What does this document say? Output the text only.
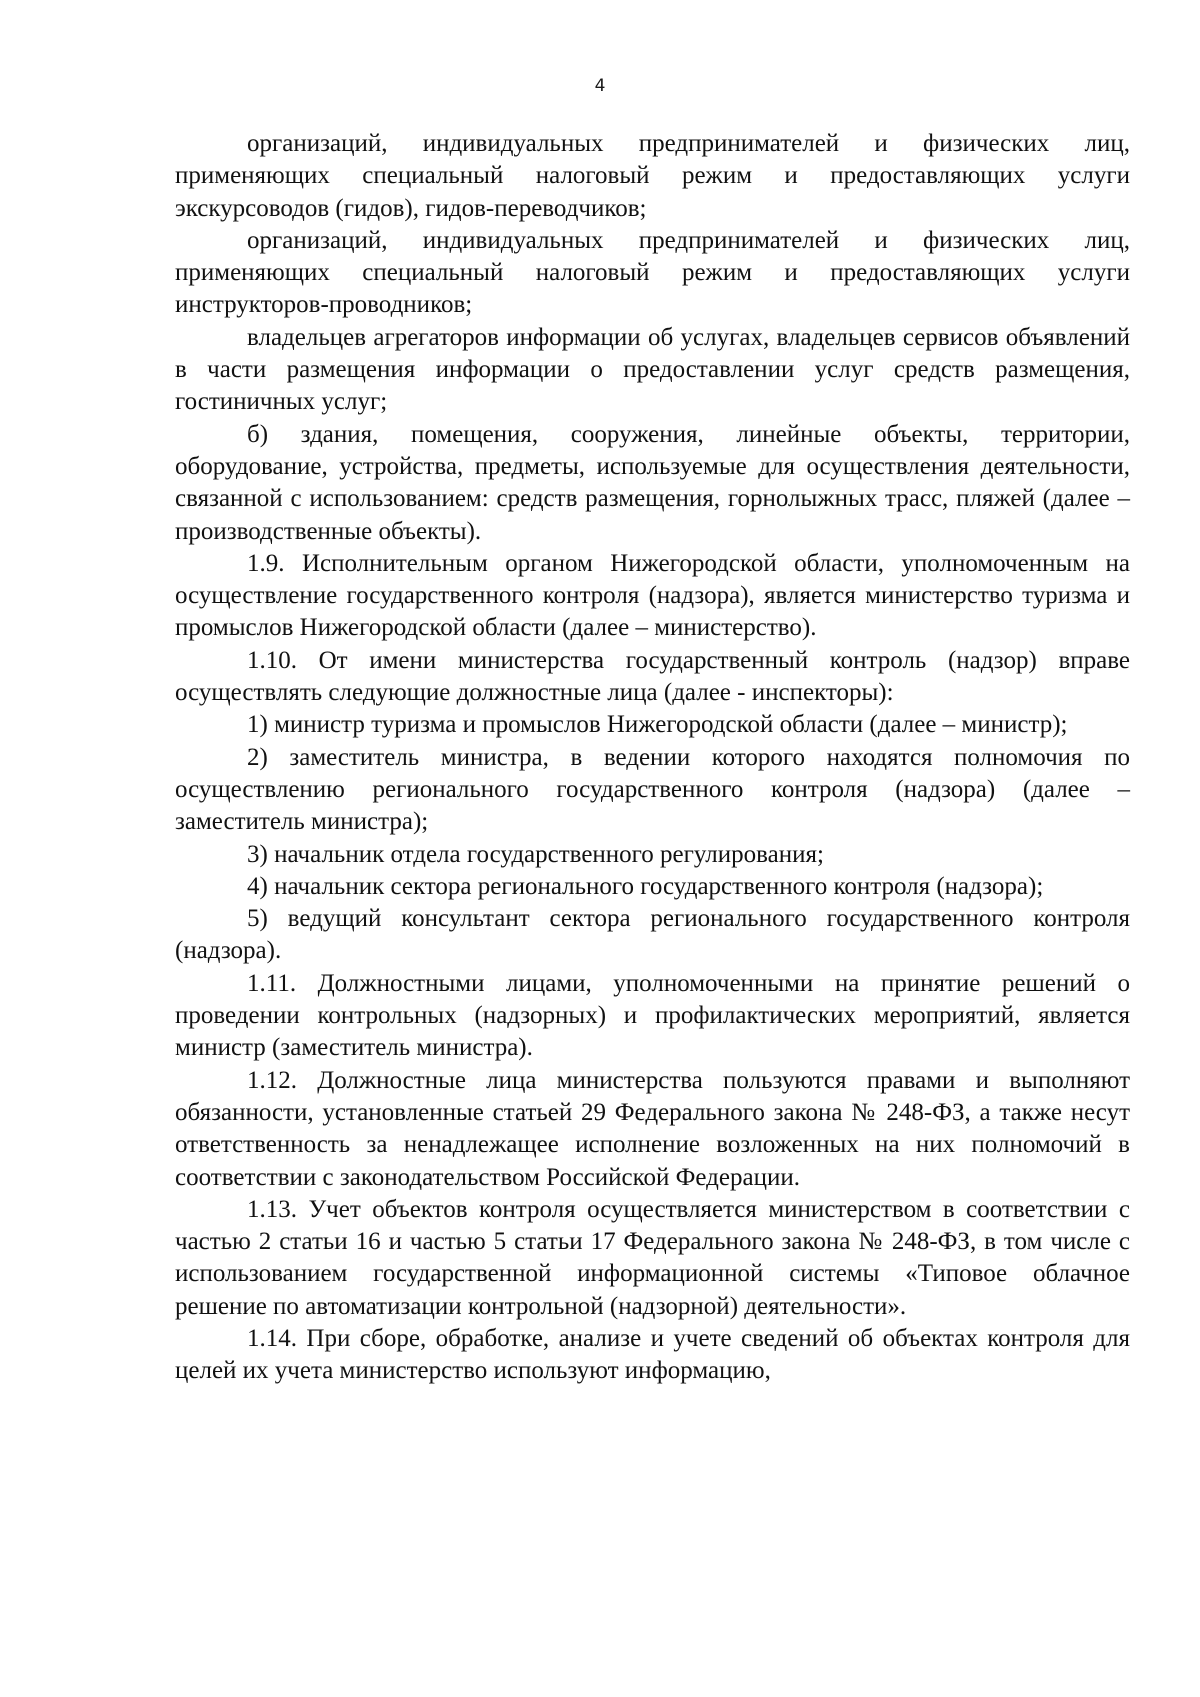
4

организаций, индивидуальных предпринимателей и физических лиц, применяющих специальный налоговый режим и предоставляющих услуги экскурсоводов (гидов), гидов-переводчиков;

организаций, индивидуальных предпринимателей и физических лиц, применяющих специальный налоговый режим и предоставляющих услуги инструкторов-проводников;

владельцев агрегаторов информации об услугах, владельцев сервисов объявлений в части размещения информации о предоставлении услуг средств размещения, гостиничных услуг;

б) здания, помещения, сооружения, линейные объекты, территории, оборудование, устройства, предметы, используемые для осуществления деятельности, связанной с использованием: средств размещения, горнолыжных трасс, пляжей (далее – производственные объекты).

1.9. Исполнительным органом Нижегородской области, уполномоченным на осуществление государственного контроля (надзора), является министерство туризма и промыслов Нижегородской области (далее – министерство).

1.10. От имени министерства государственный контроль (надзор) вправе осуществлять следующие должностные лица (далее - инспекторы):

1) министр туризма и промыслов Нижегородской области (далее – министр);

2) заместитель министра, в ведении которого находятся полномочия по осуществлению регионального государственного контроля (надзора) (далее – заместитель министра);

3) начальник отдела государственного регулирования;

4) начальник сектора регионального государственного контроля (надзора);

5) ведущий консультант сектора регионального государственного контроля (надзора).

1.11. Должностными лицами, уполномоченными на принятие решений о проведении контрольных (надзорных) и профилактических мероприятий, является министр (заместитель министра).

1.12. Должностные лица министерства пользуются правами и выполняют обязанности, установленные статьей 29 Федерального закона № 248-ФЗ, а также несут ответственность за ненадлежащее исполнение возложенных на них полномочий в соответствии с законодательством Российской Федерации.

1.13. Учет объектов контроля осуществляется министерством в соответствии с частью 2 статьи 16 и частью 5 статьи 17 Федерального закона № 248-ФЗ, в том числе с использованием государственной информационной системы «Типовое облачное решение по автоматизации контрольной (надзорной) деятельности».

1.14. При сборе, обработке, анализе и учете сведений об объектах контроля для целей их учета министерство используют информацию,
